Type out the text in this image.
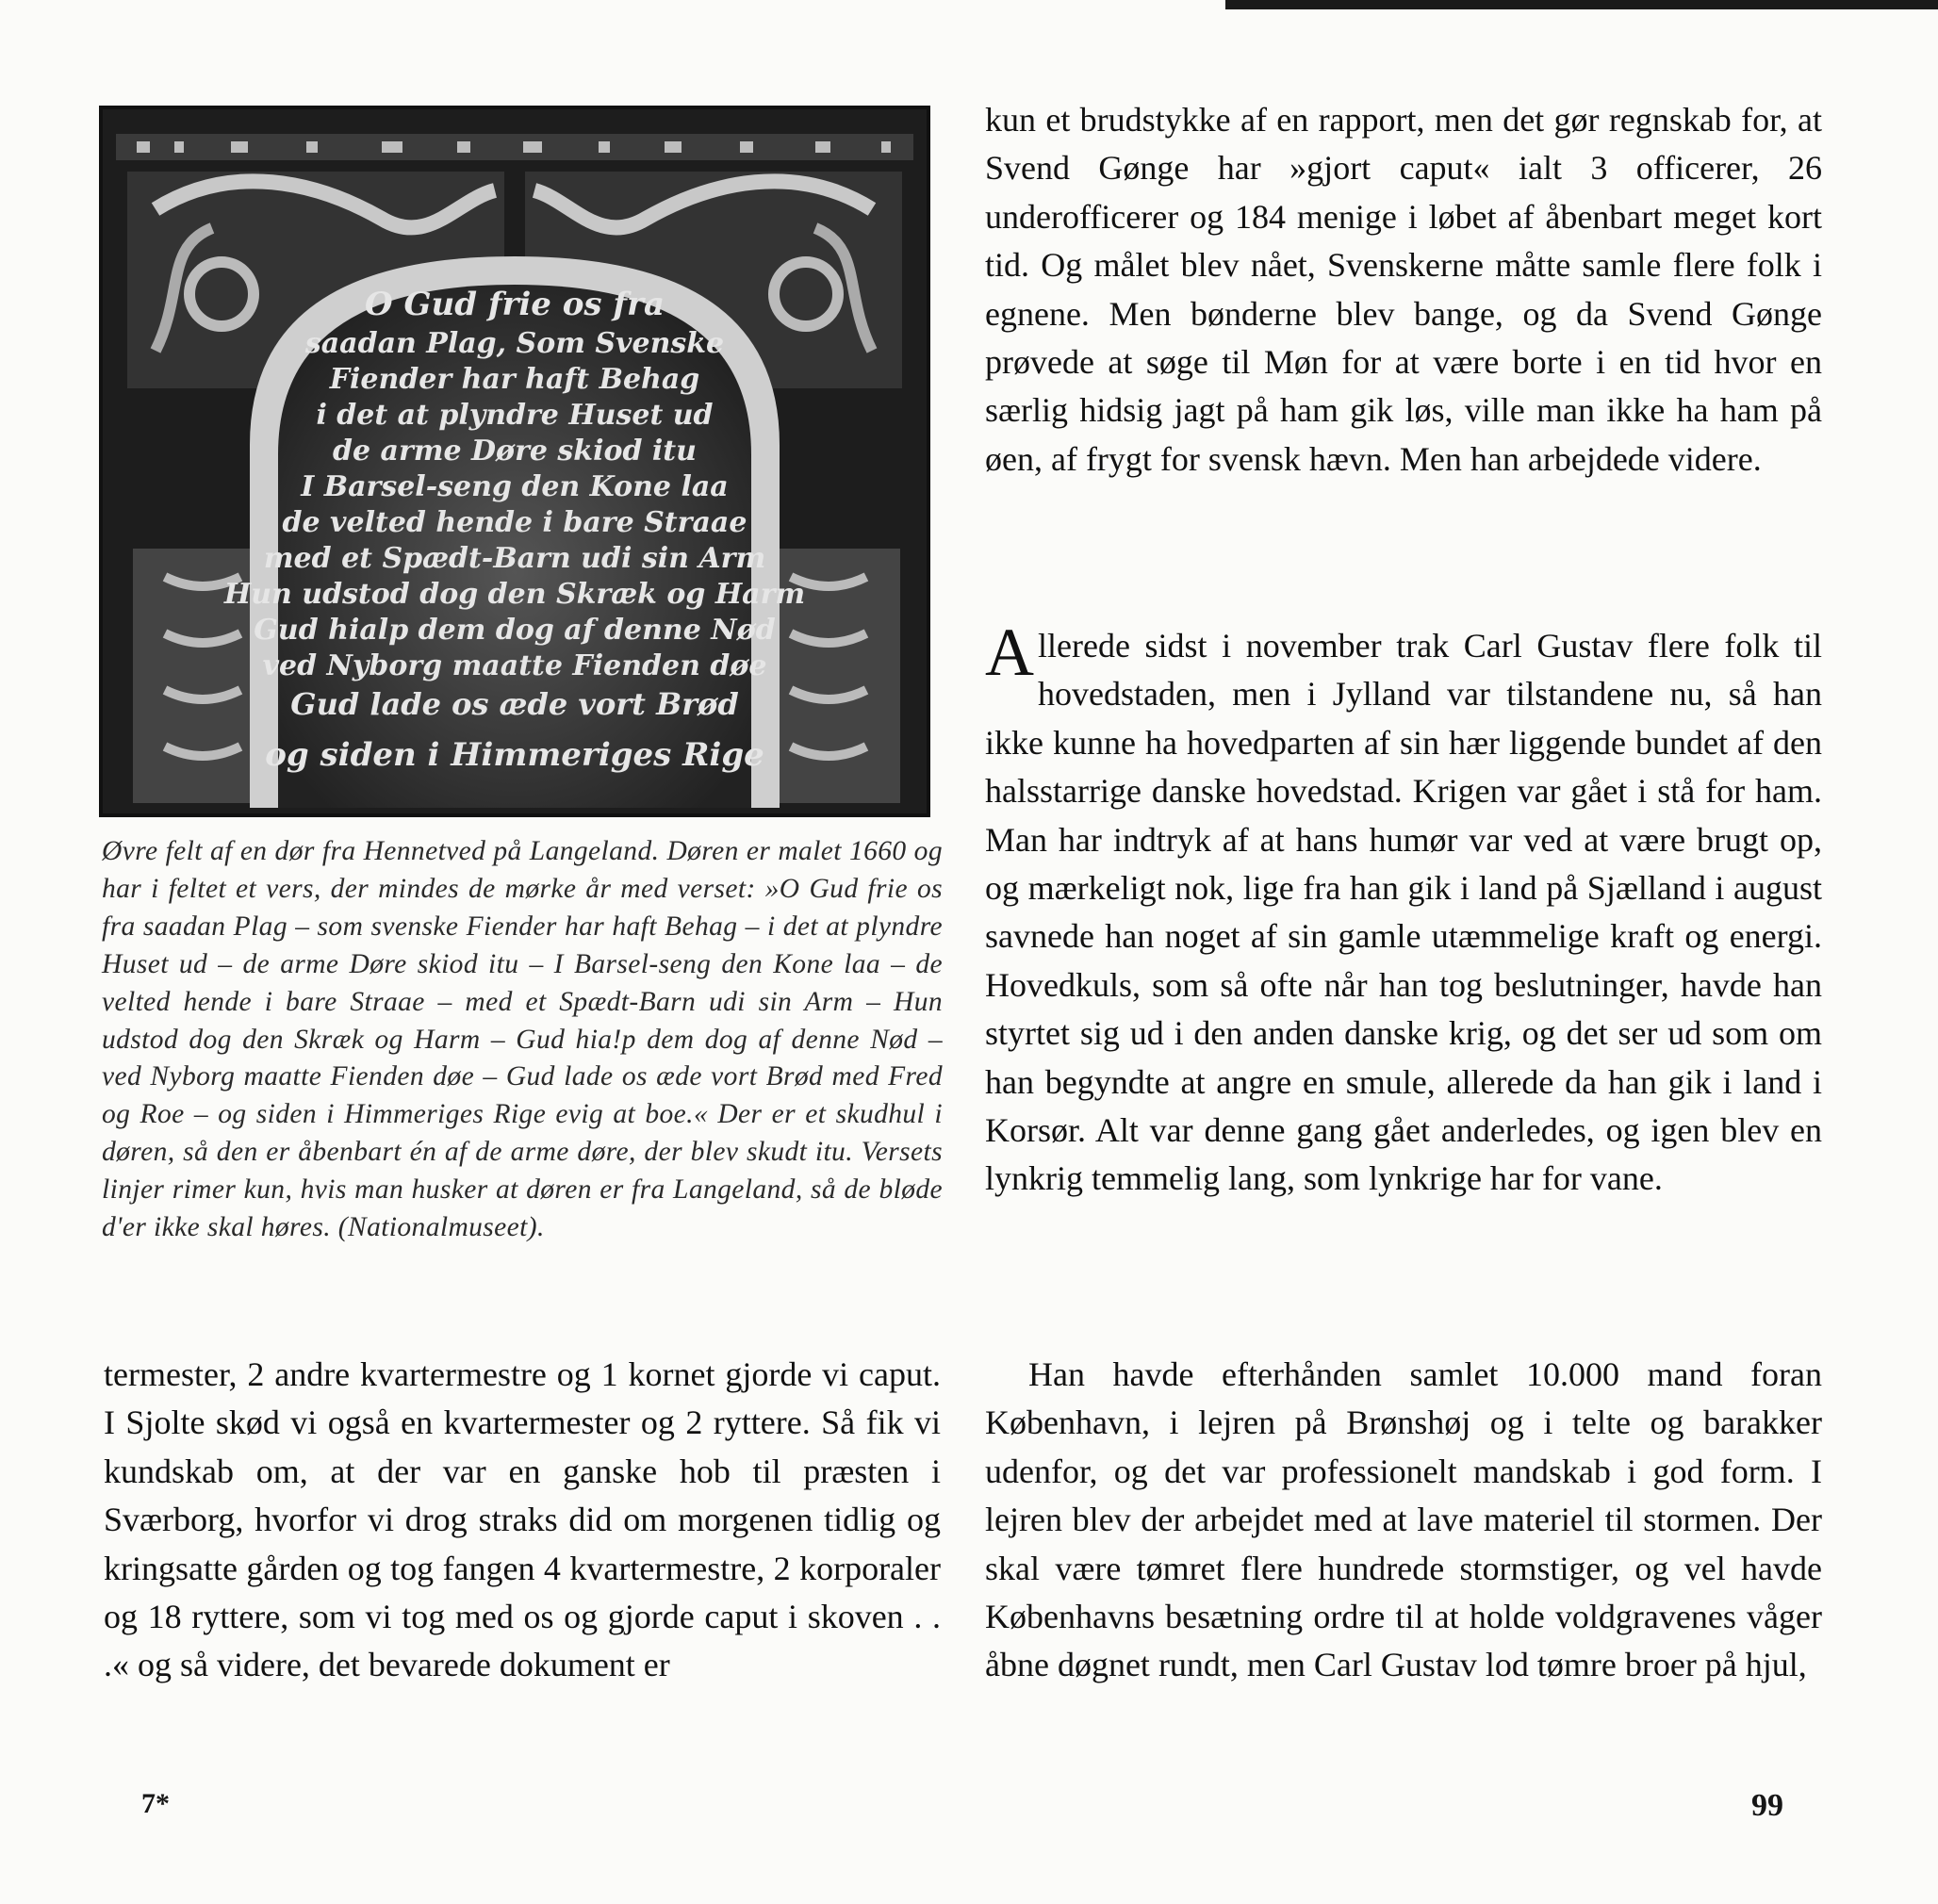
O Gud frie os fra
saadan Plag, Som Svenske
Fiender har haft Behag
i det at plyndre Huset ud
de arme Døre skiod itu
I Barsel-seng den Kone laa
de velted hende i bare Straae
med et Spædt-Barn udi sin Arm
Hun udstod dog den Skræk og Harm
Gud hialp dem dog af denne Nød
ved Nyborg maatte Fienden døe
Gud lade os æde vort Brød
og siden i Himmeriges Rige
Øvre felt af en dør fra Hennetved på Langeland. Døren er malet 1660 og har i feltet et vers, der mindes de mørke år med verset: »O Gud frie os fra saadan Plag – som svenske Fiender har haft Behag – i det at plyndre Huset ud – de arme Døre skiod itu – I Barsel-seng den Kone laa – de velted hende i bare Straae – med et Spædt-Barn udi sin Arm – Hun udstod dog den Skræk og Harm – Gud hia!p dem dog af denne Nød – ved Nyborg maatte Fienden døe – Gud lade os æde vort Brød med Fred og Roe – og siden i Himmeriges Rige evig at boe.« Der er et skudhul i døren, så den er åbenbart én af de arme døre, der blev skudt itu. Versets linjer rimer kun, hvis man husker at døren er fra Langeland, så de bløde d'er ikke skal høres. (Nationalmuseet).

termester, 2 andre kvartermestre og 1 kornet gjorde vi caput. I Sjolte skød vi også en kvartermester og 2 ryttere. Så fik vi kundskab om, at der var en ganske hob til præsten i Sværborg, hvorfor vi drog straks did om morgenen tidlig og kringsatte gården og tog fangen 4 kvartermestre, 2 korporaler og 18 ryttere, som vi tog med os og gjorde caput i skoven . . .« og så videre, det bevarede dokument er

kun et brudstykke af en rapport, men det gør regnskab for, at Svend Gønge har »gjort caput« ialt 3 officerer, 26 underofficerer og 184 menige i løbet af åbenbart meget kort tid. Og målet blev nået, Svenskerne måtte samle flere folk i egnene. Men bønderne blev bange, og da Svend Gønge prøvede at søge til Møn for at være borte i en tid hvor en særlig hidsig jagt på ham gik løs, ville man ikke ha ham på øen, af frygt for svensk hævn. Men han arbejdede videre.

Allerede sidst i november trak Carl Gustav flere folk til hovedstaden, men i Jylland var tilstandene nu, så han ikke kunne ha hovedparten af sin hær liggende bundet af den halsstarrige danske hovedstad. Krigen var gået i stå for ham. Man har indtryk af at hans humør var ved at være brugt op, og mærkeligt nok, lige fra han gik i land på Sjælland i august savnede han noget af sin gamle utæmmelige kraft og energi. Hovedkuls, som så ofte når han tog beslutninger, havde han styrtet sig ud i den anden danske krig, og det ser ud som om han begyndte at angre en smule, allerede da han gik i land i Korsør. Alt var denne gang gået anderledes, og igen blev en lynkrig temmelig lang, som lynkrige har for vane.

Han havde efterhånden samlet 10.000 mand foran København, i lejren på Brønshøj og i telte og barakker udenfor, og det var professionelt mandskab i god form. I lejren blev der arbejdet med at lave materiel til stormen. Der skal være tømret flere hundrede stormstiger, og vel havde Københavns besætning ordre til at holde voldgravenes våger åbne døgnet rundt, men Carl Gustav lod tømre broer på hjul,

7*	99
